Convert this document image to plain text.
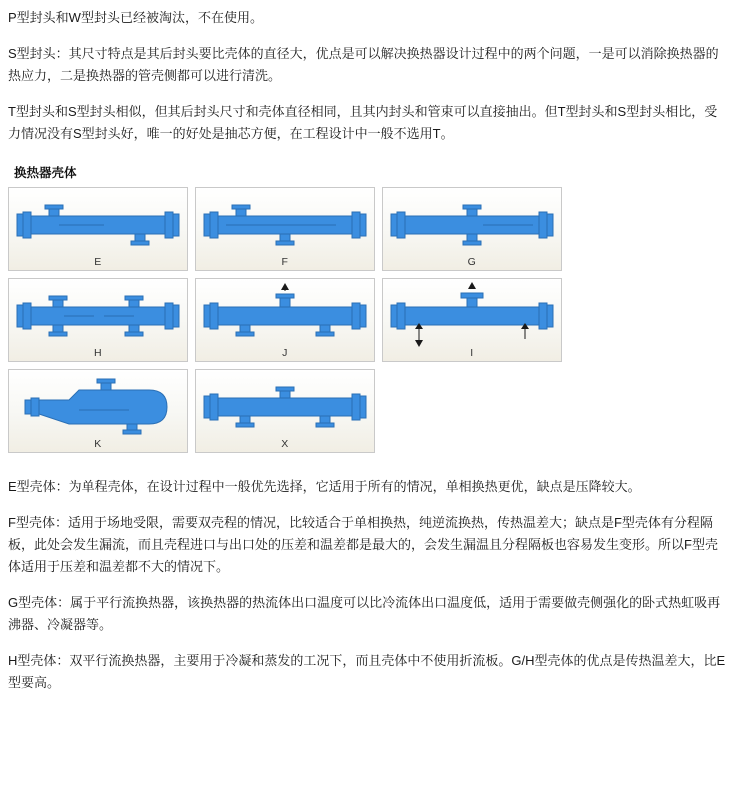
P型封头和W型封头已经被淘汰，不在使用。

S型封头：其尺寸特点是其后封头要比壳体的直径大，优点是可以解决换热器设计过程中的两个问题，一是可以消除换热器的热应力，二是换热器的管壳侧都可以进行清洗。

T型封头和S型封头相似，但其后封头尺寸和壳体直径相同，且其内封头和管束可以直接抽出。但T型封头和S型封头相比，受力情况没有S型封头好，唯一的好处是抽芯方便，在工程设计中一般不选用T。

换热器壳体
E	F	G
H	J	I
K	X

E型壳体：为单程壳体，在设计过程中一般优先选择，它适用于所有的情况，单相换热更优，缺点是压降较大。

F型壳体：适用于场地受限，需要双壳程的情况，比较适合于单相换热，纯逆流换热，传热温差大；缺点是F型壳体有分程隔板，此处会发生漏流，而且壳程进口与出口处的压差和温差都是最大的，会发生漏温且分程隔板也容易发生变形。所以F型壳体适用于压差和温差都不大的情况下。

G型壳体：属于平行流换热器，该换热器的热流体出口温度可以比冷流体出口温度低，适用于需要做壳侧强化的卧式热虹吸再沸器、冷凝器等。

H型壳体：双平行流换热器，主要用于冷凝和蒸发的工况下，而且壳体中不使用折流板。G/H型壳体的优点是传热温差大，比E型要高。
